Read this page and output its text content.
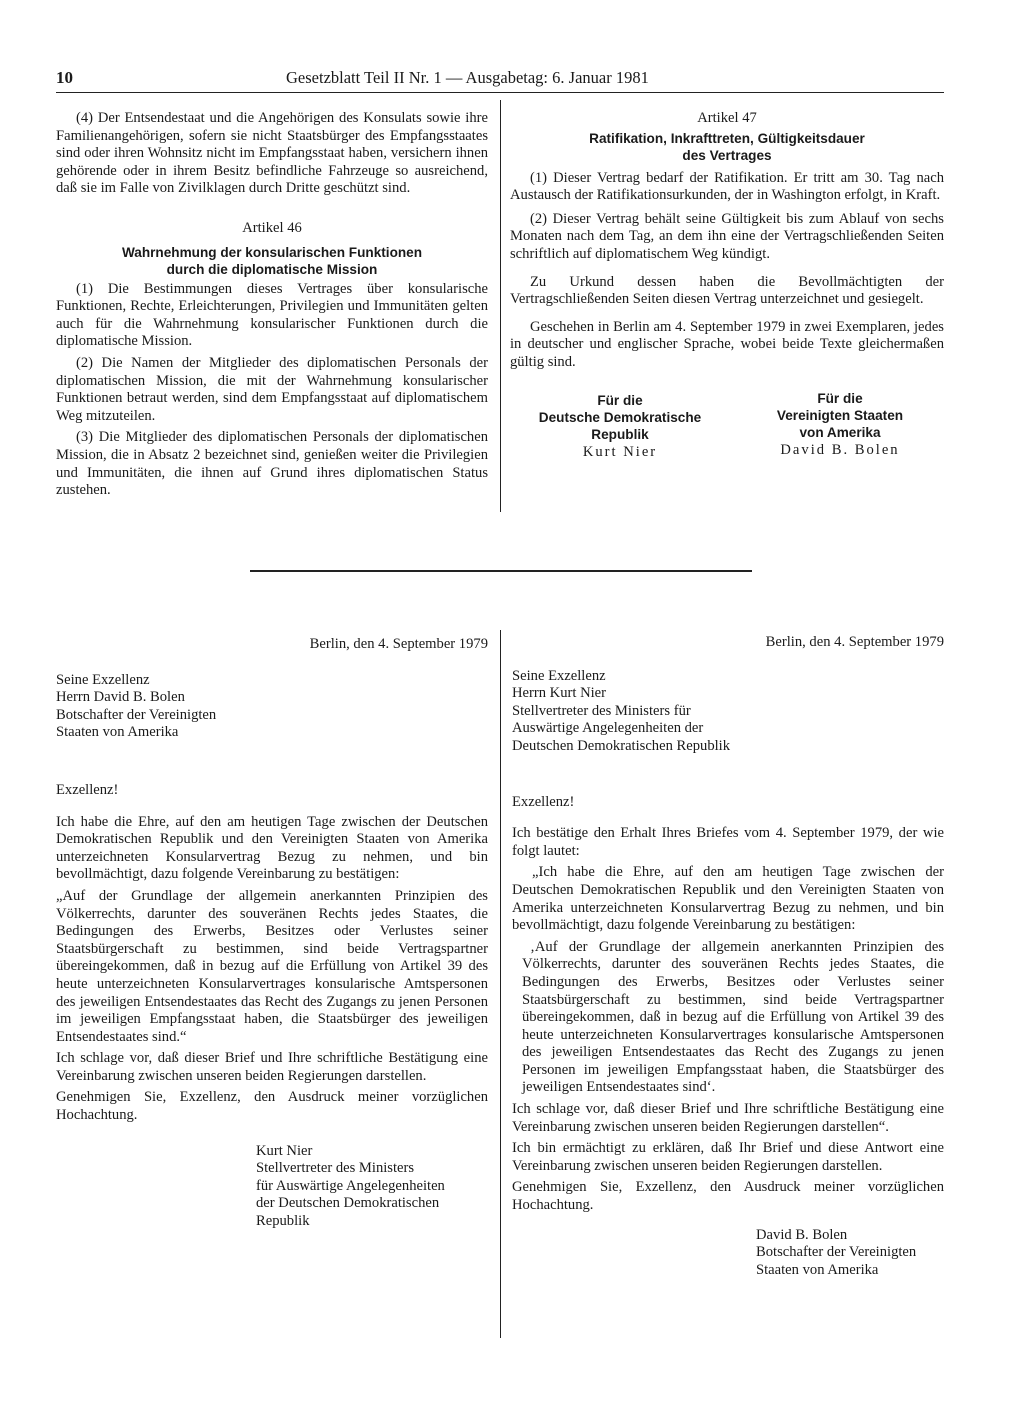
10	Gesetzblatt Teil II Nr. 1 — Ausgabetag: 6. Januar 1981

(4) Der Entsendestaat und die Angehörigen des Konsulats sowie ihre Familienangehörigen, sofern sie nicht Staatsbürger des Empfangsstaates sind oder ihren Wohnsitz nicht im Empfangsstaat haben, versichern ihnen gehörende oder in ihrem Besitz befindliche Fahrzeuge so ausreichend, daß sie im Falle von Zivilklagen durch Dritte geschützt sind.

Artikel 46
Wahrnehmung der konsularischen Funktionen
durch die diplomatische Mission

(1) Die Bestimmungen dieses Vertrages über konsularische Funktionen, Rechte, Erleichterungen, Privilegien und Immunitäten gelten auch für die Wahrnehmung konsularischer Funktionen durch die diplomatische Mission.

(2) Die Namen der Mitglieder des diplomatischen Personals der diplomatischen Mission, die mit der Wahrnehmung konsularischer Funktionen betraut werden, sind dem Empfangsstaat auf diplomatischem Weg mitzuteilen.

(3) Die Mitglieder des diplomatischen Personals der diplomatischen Mission, die in Absatz 2 bezeichnet sind, genießen weiter die Privilegien und Immunitäten, die ihnen auf Grund ihres diplomatischen Status zustehen.

Artikel 47
Ratifikation, Inkrafttreten, Gültigkeitsdauer
des Vertrages

(1) Dieser Vertrag bedarf der Ratifikation. Er tritt am 30. Tag nach Austausch der Ratifikationsurkunden, der in Washington erfolgt, in Kraft.

(2) Dieser Vertrag behält seine Gültigkeit bis zum Ablauf von sechs Monaten nach dem Tag, an dem ihn eine der Vertragschließenden Seiten schriftlich auf diplomatischem Weg kündigt.

Zu Urkund dessen haben die Bevollmächtigten der Vertragschließenden Seiten diesen Vertrag unterzeichnet und gesiegelt.

Geschehen in Berlin am 4. September 1979 in zwei Exemplaren, jedes in deutscher und englischer Sprache, wobei beide Texte gleichermaßen gültig sind.

Für die
Deutsche Demokratische
Republik
Kurt Nier
Für die
Vereinigten Staaten
von Amerika
David B. Bolen
Berlin, den 4. September 1979
Seine Exzellenz
Herrn David B. Bolen
Botschafter der Vereinigten
Staaten von Amerika
Exzellenz!

Ich habe die Ehre, auf den am heutigen Tage zwischen der Deutschen Demokratischen Republik und den Vereinigten Staaten von Amerika unterzeichneten Konsularvertrag Bezug zu nehmen, und bin bevollmächtigt, dazu folgende Vereinbarung zu bestätigen:

„Auf der Grundlage der allgemein anerkannten Prinzipien des Völkerrechts, darunter des souveränen Rechts jedes Staates, die Bedingungen des Erwerbs, Besitzes oder Verlustes seiner Staatsbürgerschaft zu bestimmen, sind beide Vertragspartner übereingekommen, daß in bezug auf die Erfüllung von Artikel 39 des heute unterzeichneten Konsularvertrages konsularische Amtspersonen des jeweiligen Entsendestaates das Recht des Zugangs zu jenen Personen im jeweiligen Empfangsstaat haben, die Staatsbürger des jeweiligen Entsendestaates sind.“

Ich schlage vor, daß dieser Brief und Ihre schriftliche Bestätigung eine Vereinbarung zwischen unseren beiden Regierungen darstellen.

Genehmigen Sie, Exzellenz, den Ausdruck meiner vorzüglichen Hochachtung.

Kurt Nier
Stellvertreter des Ministers
für Auswärtige Angelegenheiten
der Deutschen Demokratischen
Republik
Berlin, den 4. September 1979
Seine Exzellenz
Herrn Kurt Nier
Stellvertreter des Ministers für
Auswärtige Angelegenheiten der
Deutschen Demokratischen Republik
Exzellenz!

Ich bestätige den Erhalt Ihres Briefes vom 4. September 1979, der wie folgt lautet:

„Ich habe die Ehre, auf den am heutigen Tage zwischen der Deutschen Demokratischen Republik und den Vereinigten Staaten von Amerika unterzeichneten Konsularvertrag Bezug zu nehmen, und bin bevollmächtigt, dazu folgende Vereinbarung zu bestätigen:

‚Auf der Grundlage der allgemein anerkannten Prinzipien des Völkerrechts, darunter des souveränen Rechts jedes Staates, die Bedingungen des Erwerbs, Besitzes oder Verlustes seiner Staatsbürgerschaft zu bestimmen, sind beide Vertragspartner übereingekommen, daß in bezug auf die Erfüllung von Artikel 39 des heute unterzeichneten Konsularvertrages konsularische Amtspersonen des jeweiligen Entsendestaates das Recht des Zugangs zu jenen Personen im jeweiligen Empfangsstaat haben, die Staatsbürger des jeweiligen Entsendestaates sind‘.

Ich schlage vor, daß dieser Brief und Ihre schriftliche Bestätigung eine Vereinbarung zwischen unseren beiden Regierungen darstellen“.

Ich bin ermächtigt zu erklären, daß Ihr Brief und diese Antwort eine Vereinbarung zwischen unseren beiden Regierungen darstellen.

Genehmigen Sie, Exzellenz, den Ausdruck meiner vorzüglichen Hochachtung.

David B. Bolen
Botschafter der Vereinigten
Staaten von Amerika
